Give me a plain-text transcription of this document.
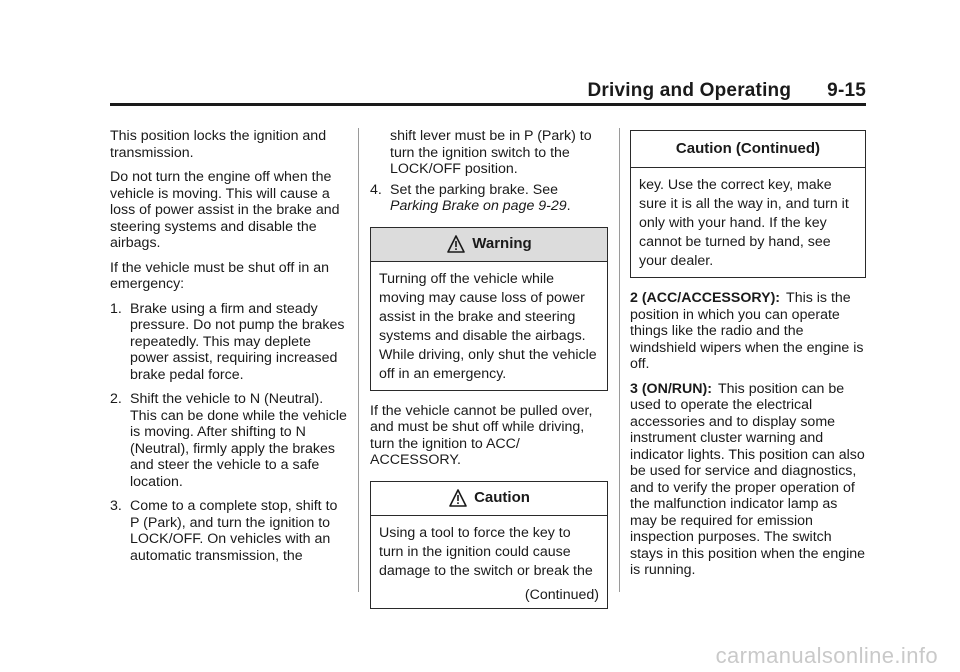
Driving and Operating 9-15

This position locks the ignition and transmission.

Do not turn the engine off when the vehicle is moving. This will cause a loss of power assist in the brake and steering systems and disable the airbags.

If the vehicle must be shut off in an emergency:

1. Brake using a firm and steady pressure. Do not pump the brakes repeatedly. This may deplete power assist, requiring increased brake pedal force.
2. Shift the vehicle to N (Neutral). This can be done while the vehicle is moving. After shifting to N (Neutral), firmly apply the brakes and steer the vehicle to a safe location.
3. Come to a complete stop, shift to P (Park), and turn the ignition to LOCK/OFF. On vehicles with an automatic transmission, the
shift lever must be in P (Park) to turn the ignition switch to the LOCK/OFF position.
4. Set the parking brake. See
Parking Brake on page 9-29.
Warning
Turning off the vehicle while moving may cause loss of power assist in the brake and steering systems and disable the airbags. While driving, only shut the vehicle off in an emergency.

If the vehicle cannot be pulled over, and must be shut off while driving, turn the ignition to ACC/ ACCESSORY.

Caution
Using a tool to force the key to turn in the ignition could cause damage to the switch or break the
(Continued)
Caution (Continued)
key. Use the correct key, make sure it is all the way in, and turn it only with your hand. If the key cannot be turned by hand, see your dealer.

2 (ACC/ACCESSORY): This is the position in which you can operate things like the radio and the windshield wipers when the engine is off.

3 (ON/RUN): This position can be used to operate the electrical accessories and to display some instrument cluster warning and indicator lights. This position can also be used for service and diagnostics, and to verify the proper operation of the malfunction indicator lamp as may be required for emission inspection purposes. The switch stays in this position when the engine is running.

carmanualsonline.info
